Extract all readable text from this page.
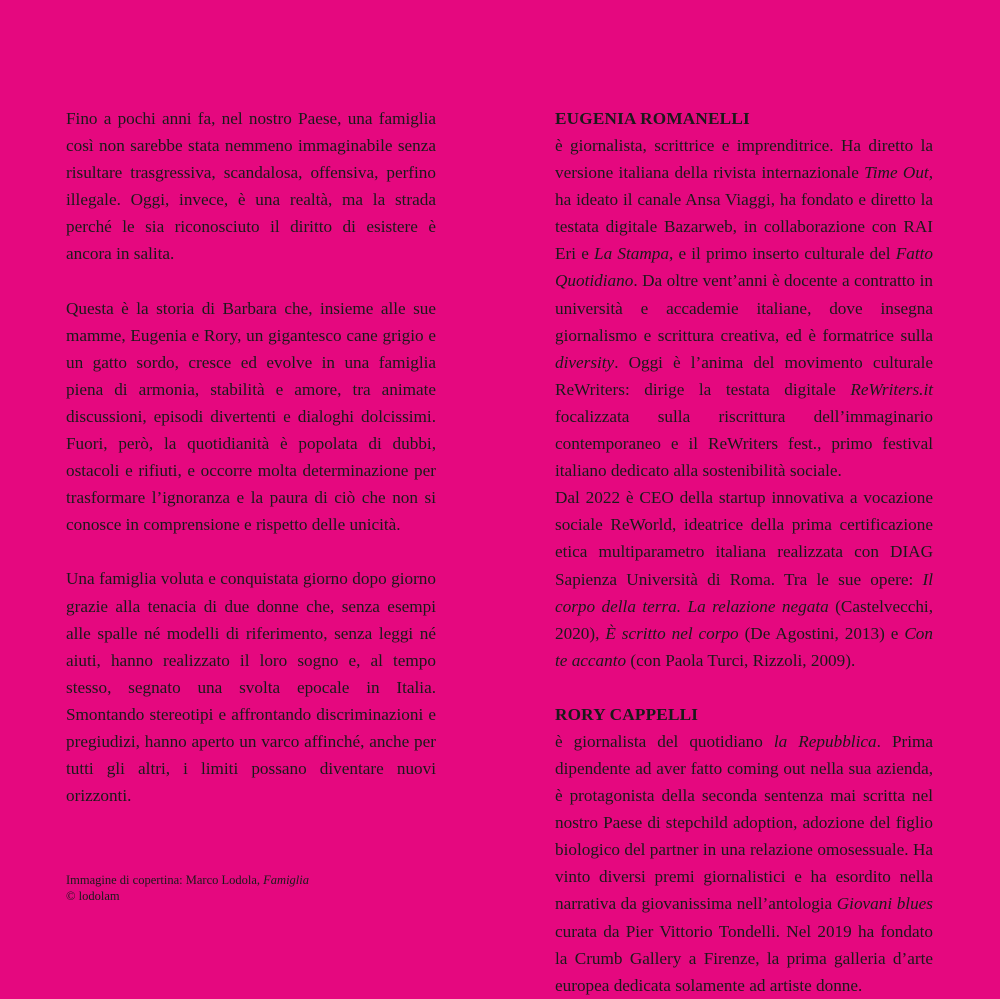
Fino a pochi anni fa, nel nostro Paese, una famiglia così non sarebbe stata nemmeno immaginabile senza risultare trasgressiva, scandalosa, offensiva, perfino illegale. Oggi, invece, è una realtà, ma la strada perché le sia riconosciuto il diritto di esistere è ancora in salita.

Questa è la storia di Barbara che, insieme alle sue mamme, Eugenia e Rory, un gigantesco cane grigio e un gatto sordo, cresce ed evolve in una famiglia piena di armonia, stabilità e amore, tra animate discussioni, episodi divertenti e dialoghi dolcissimi. Fuori, però, la quotidianità è popolata di dubbi, ostacoli e rifiuti, e occorre molta determinazione per trasformare l’ignoranza e la paura di ciò che non si conosce in comprensione e rispetto delle unicità.

Una famiglia voluta e conquistata giorno dopo giorno grazie alla tenacia di due donne che, senza esempi alle spalle né modelli di riferimento, senza leggi né aiuti, hanno realizzato il loro sogno e, al tempo stesso, segnato una svolta epocale in Italia. Smontando stereotipi e affrontando discriminazioni e pregiudizi, hanno aperto un varco affinché, anche per tutti gli altri, i limiti possano diventare nuovi orizzonti.

EUGENIA ROMANELLI

è giornalista, scrittrice e imprenditrice. Ha diretto la versione italiana della rivista internazionale Time Out, ha ideato il canale Ansa Viaggi, ha fondato e diretto la testata digitale Bazarweb, in collaborazione con RAI Eri e La Stampa, e il primo inserto culturale del Fatto Quotidiano. Da oltre vent’anni è docente a contratto in università e accademie italiane, dove insegna giornalismo e scrittura creativa, ed è formatrice sulla diversity. Oggi è l’anima del movimento culturale ReWriters: dirige la testata digitale ReWriters.it focalizzata sulla riscrittura dell’immaginario contemporaneo e il ReWriters fest., primo festival italiano dedicato alla sostenibilità sociale.

Dal 2022 è CEO della startup innovativa a vocazione sociale ReWorld, ideatrice della prima certificazione etica multiparametro italiana realizzata con DIAG Sapienza Università di Roma. Tra le sue opere: Il corpo della terra. La relazione negata (Castelvecchi, 2020), È scritto nel corpo (De Agostini, 2013) e Con te accanto (con Paola Turci, Rizzoli, 2009).

RORY CAPPELLI

è giornalista del quotidiano la Repubblica. Prima dipendente ad aver fatto coming out nella sua azienda, è protagonista della seconda sentenza mai scritta nel nostro Paese di stepchild adoption, adozione del figlio biologico del partner in una relazione omosessuale. Ha vinto diversi premi giornalistici e ha esordito nella narrativa da giovanissima nell’antologia Giovani blues curata da Pier Vittorio Tondelli. Nel 2019 ha fondato la Crumb Gallery a Firenze, la prima galleria d’arte europea dedicata solamente ad artiste donne.

Immagine di copertina: Marco Lodola, Famiglia
© lodolam
